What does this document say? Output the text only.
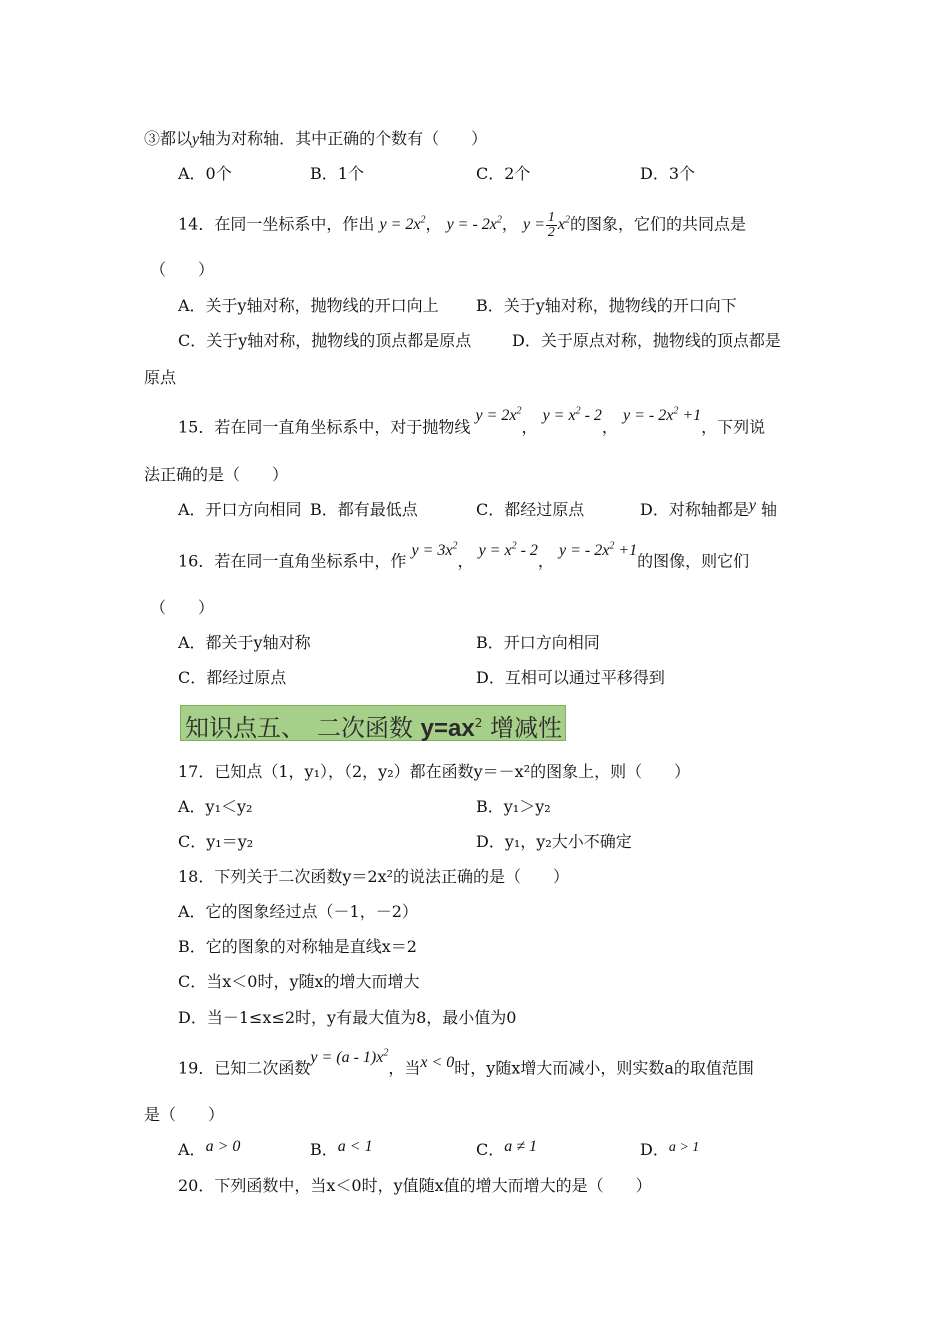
③都以y轴为对称轴．其中正确的个数有（　　）
A．0个	B．1个	C．2个	D．3个
14．在同一坐标系中，作出 $y = 2x^2$， y = - $2x^2$， $y = \frac{1}{2} x^2$的图象，它们的共同点是
（　　）
A．关于y轴对称，抛物线的开口向上 B．关于y轴对称，抛物线的开口向下
C．关于y轴对称，抛物线的顶点都是原点	D．关于原点对称，抛物线的顶点都是
原点
15．若在同一直角坐标系中，对于抛物线 $y = 2x^2$， $y = x^2 - 2$， y = - $2x^2 +1$，下列说
法正确的是（　　）
A．开口方向相同 B．都有最低点	C．都经过原点	D．对称轴都是y 轴
16．若在同一直角坐标系中，作 $y = 3x^2$， $y = x^2 - 2$， y = - $2x^2 +1$的图像，则它们
（　　）
A．都关于y轴对称	B．开口方向相同
C．都经过原点	D．互相可以通过平移得到
知识点五、　二次函数 $y=ax^2$ 增减性
17．已知点（1，y₁），（2，y₂）都在函数y＝－x²的图象上，则（　　）
A．y₁＜y₂	B．y₁＞y₂
C．y₁＝y₂	D．y₁，y₂大小不确定
18．下列关于二次函数y＝2x²的说法正确的是（　　）
A．它的图象经过点（－1，－2）
B．它的图象的对称轴是直线x＝2
C．当x＜0时，y随x的增大而增大
D．当－1≤x≤2时，y有最大值为8，最小值为0
19．已知二次函数$y = (a - 1)x^2$，当x < 0时，y随x增大而减小，则实数a的取值范围
是（　　）
A．a > 0	B．a < 1	C．a ≠ 1	D．a > 1
20．下列函数中，当x＜0时，y值随x值的增大而增大的是（　　）
